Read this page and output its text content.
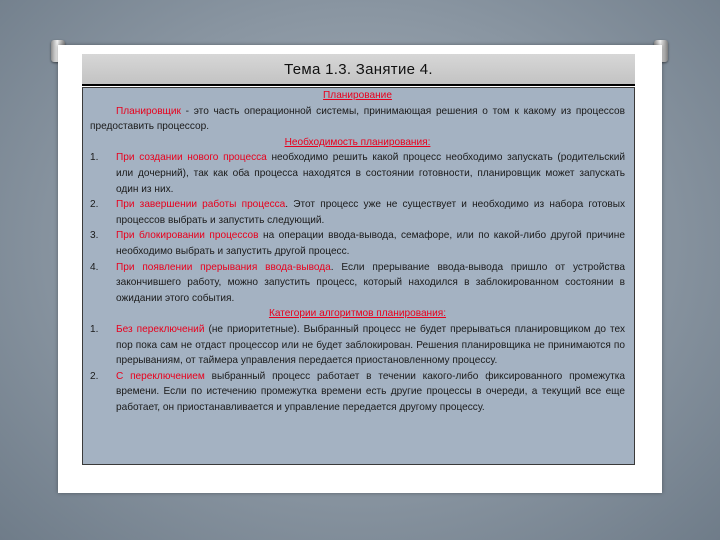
Тема 1.3. Занятие 4.
Планирование
Планировщик - это часть операционной системы, принимающая решения о том к какому из процессов предоставить процессор.
Необходимость планирования:
1. При создании нового процесса необходимо решить какой процесс необходимо запускать (родительский или дочерний), так как оба процесса находятся в состоянии готовности, планировщик может запускать один из них.
2. При завершении работы процесса. Этот процесс уже не существует и необходимо из набора готовых процессов выбрать и запустить следующий.
3. При блокировании процессов на операции ввода-вывода, семафоре, или по какой-либо другой причине необходимо выбрать и запустить другой процесс.
4. При появлении прерывания ввода-вывода. Если прерывание ввода-вывода пришло от устройства закончившего работу, можно запустить процесс, который находился в заблокированном состоянии в ожидании этого события.
Категории алгоритмов планирования:
1. Без переключений (не приоритетные). Выбранный процесс не будет прерываться планировщиком до тех пор пока сам не отдаст процессор или не будет заблокирован. Решения планировщика не принимаются по прерываниям, от таймера управления передается приостановленному процессу.
2. С переключением выбранный процесс работает в течении какого-либо фиксированного промежутка времени. Если по истечению промежутка времени есть другие процессы в очереди, а текущий все еще работает, он приостанавливается и управление передается другому процессу.
